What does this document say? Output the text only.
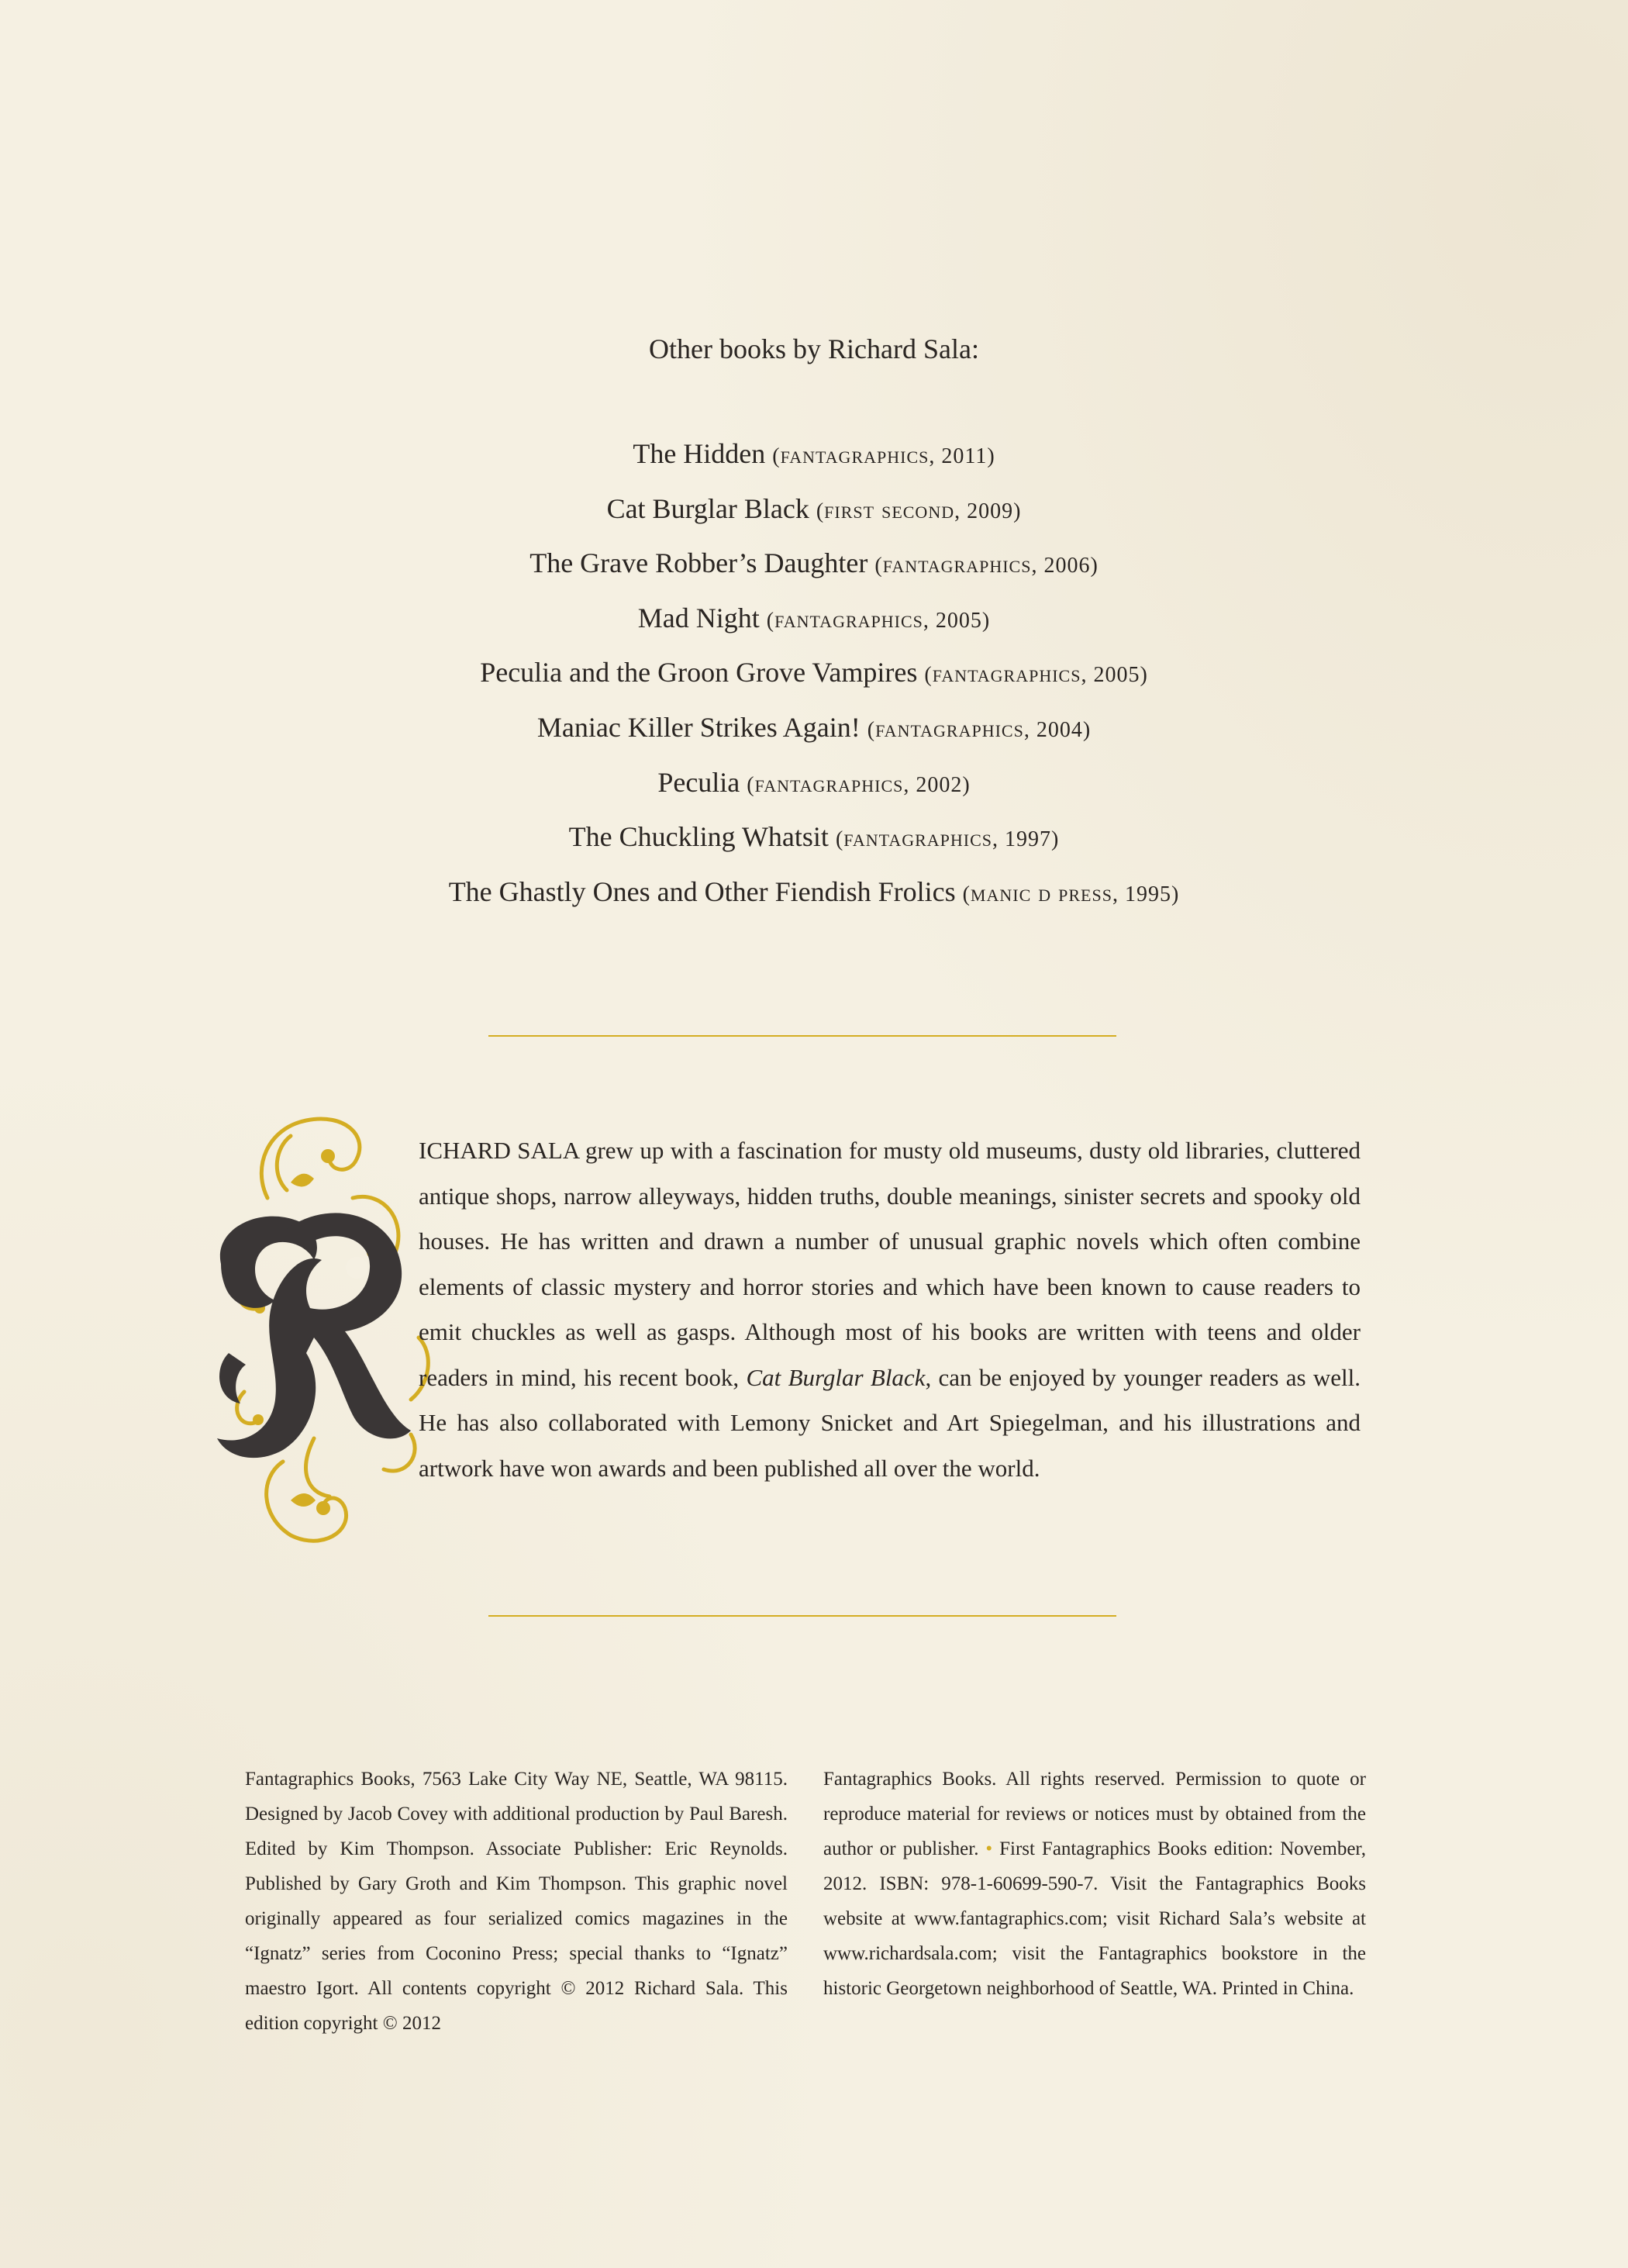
Other books by Richard Sala:
The Hidden (fantagraphics, 2011)
Cat Burglar Black (first second, 2009)
The Grave Robber’s Daughter (fantagraphics, 2006)
Mad Night (fantagraphics, 2005)
Peculia and the Groon Grove Vampires (fantagraphics, 2005)
Maniac Killer Strikes Again! (fantagraphics, 2004)
Peculia (fantagraphics, 2002)
The Chuckling Whatsit (fantagraphics, 1997)
The Ghastly Ones and Other Fiendish Frolics (manic d press, 1995)

ICHARD SALA grew up with a fascination for musty old museums, dusty old libraries, cluttered antique shops, narrow alleyways, hidden truths, double meanings, sinister secrets and spooky old houses. He has written and drawn a number of unusual graphic novels which often combine elements of classic mystery and horror stories and which have been known to cause readers to emit chuckles as well as gasps. Although most of his books are written with teens and older readers in mind, his recent book, Cat Burglar Black, can be enjoyed by younger readers as well. He has also collaborated with Lemony Snicket and Art Spiegelman, and his illustrations and artwork have won awards and been published all over the world.

Fantagraphics Books, 7563 Lake City Way NE, Seattle, WA 98115. Designed by Jacob Covey with additional production by Paul Baresh. Edited by Kim Thompson. Associate Publisher: Eric Reynolds. Published by Gary Groth and Kim Thompson. This graphic novel originally appeared as four serialized comics magazines in the “Ignatz” series from Coconino Press; special thanks to “Ignatz” maestro Igort. All contents copyright © 2012 Richard Sala. This edition copyright © 2012

Fantagraphics Books. All rights reserved. Permission to quote or reproduce material for reviews or notices must by obtained from the author or publisher. • First Fantagraphics Books edition: November, 2012. ISBN: 978-1-60699-590-7. Visit the Fantagraphics Books website at www.fantagraphics.com; visit Richard Sala’s website at www.richardsala.com; visit the Fantagraphics bookstore in the historic Georgetown neighborhood of Seattle, WA. Printed in China.
